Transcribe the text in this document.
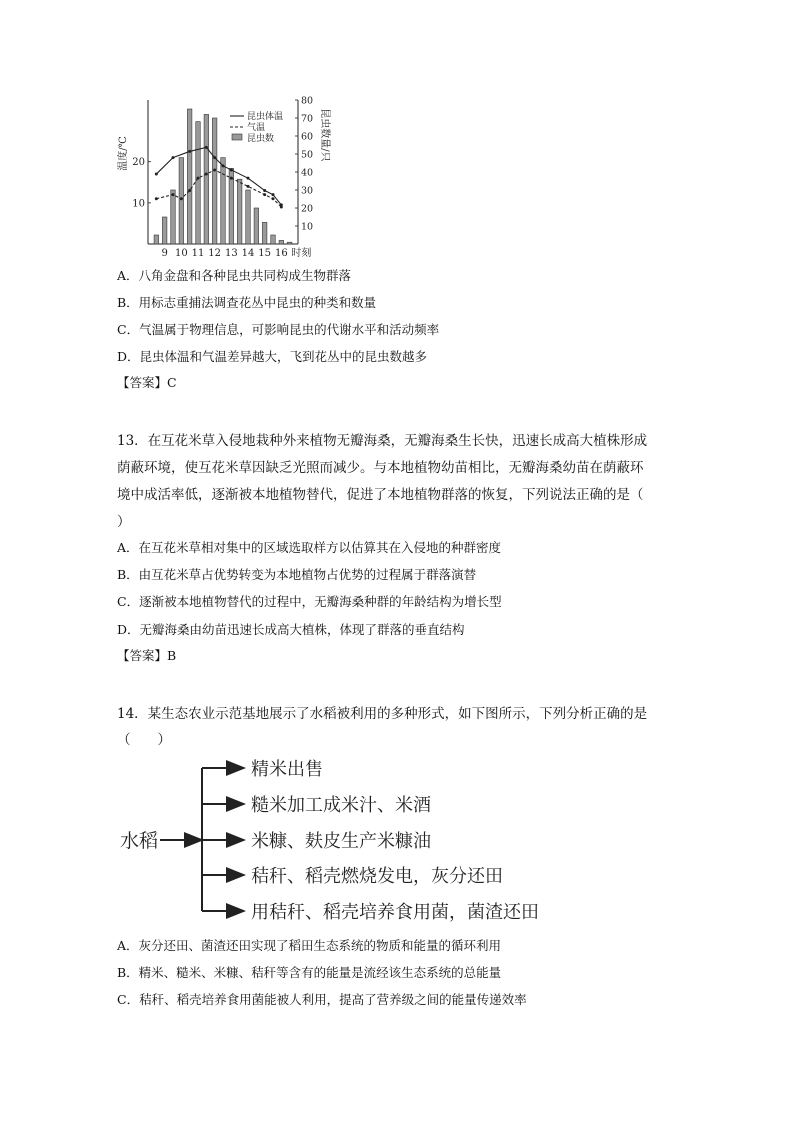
10
20
10
20
30
40
50
60
70
80
9 10 11 12 13 14 15 16 时刻
温度/℃	昆虫数量/只
昆虫体温
气温
昆虫数
A．八角金盘和各种昆虫共同构成生物群落
B．用标志重捕法调查花丛中昆虫的种类和数量
C．气温属于物理信息，可影响昆虫的代谢水平和活动频率
D．昆虫体温和气温差异越大，飞到花丛中的昆虫数越多
【答案】C
13．在互花米草入侵地栽种外来植物无瓣海桑，无瓣海桑生长快，迅速长成高大植株形成
荫蔽环境，使互花米草因缺乏光照而减少。与本地植物幼苗相比，无瓣海桑幼苗在荫蔽环
境中成活率低，逐渐被本地植物替代，促进了本地植物群落的恢复，下列说法正确的是（
）
A．在互花米草相对集中的区域选取样方以估算其在入侵地的种群密度
B．由互花米草占优势转变为本地植物占优势的过程属于群落演替
C．逐渐被本地植物替代的过程中，无瓣海桑种群的年龄结构为增长型
D．无瓣海桑由幼苗迅速长成高大植株，体现了群落的垂直结构
【答案】B
14．某生态农业示范基地展示了水稻被利用的多种形式，如下图所示，下列分析正确的是
（　　）
水稻
精米出售
糙米加工成米汁、米酒
米糠、麸皮生产米糠油
秸秆、稻壳燃烧发电，灰分还田
用秸秆、稻壳培养食用菌，菌渣还田
A．灰分还田、菌渣还田实现了稻田生态系统的物质和能量的循环利用
B．精米、糙米、米糠、秸秆等含有的能量是流经该生态系统的总能量
C．秸秆、稻壳培养食用菌能被人利用，提高了营养级之间的能量传递效率
